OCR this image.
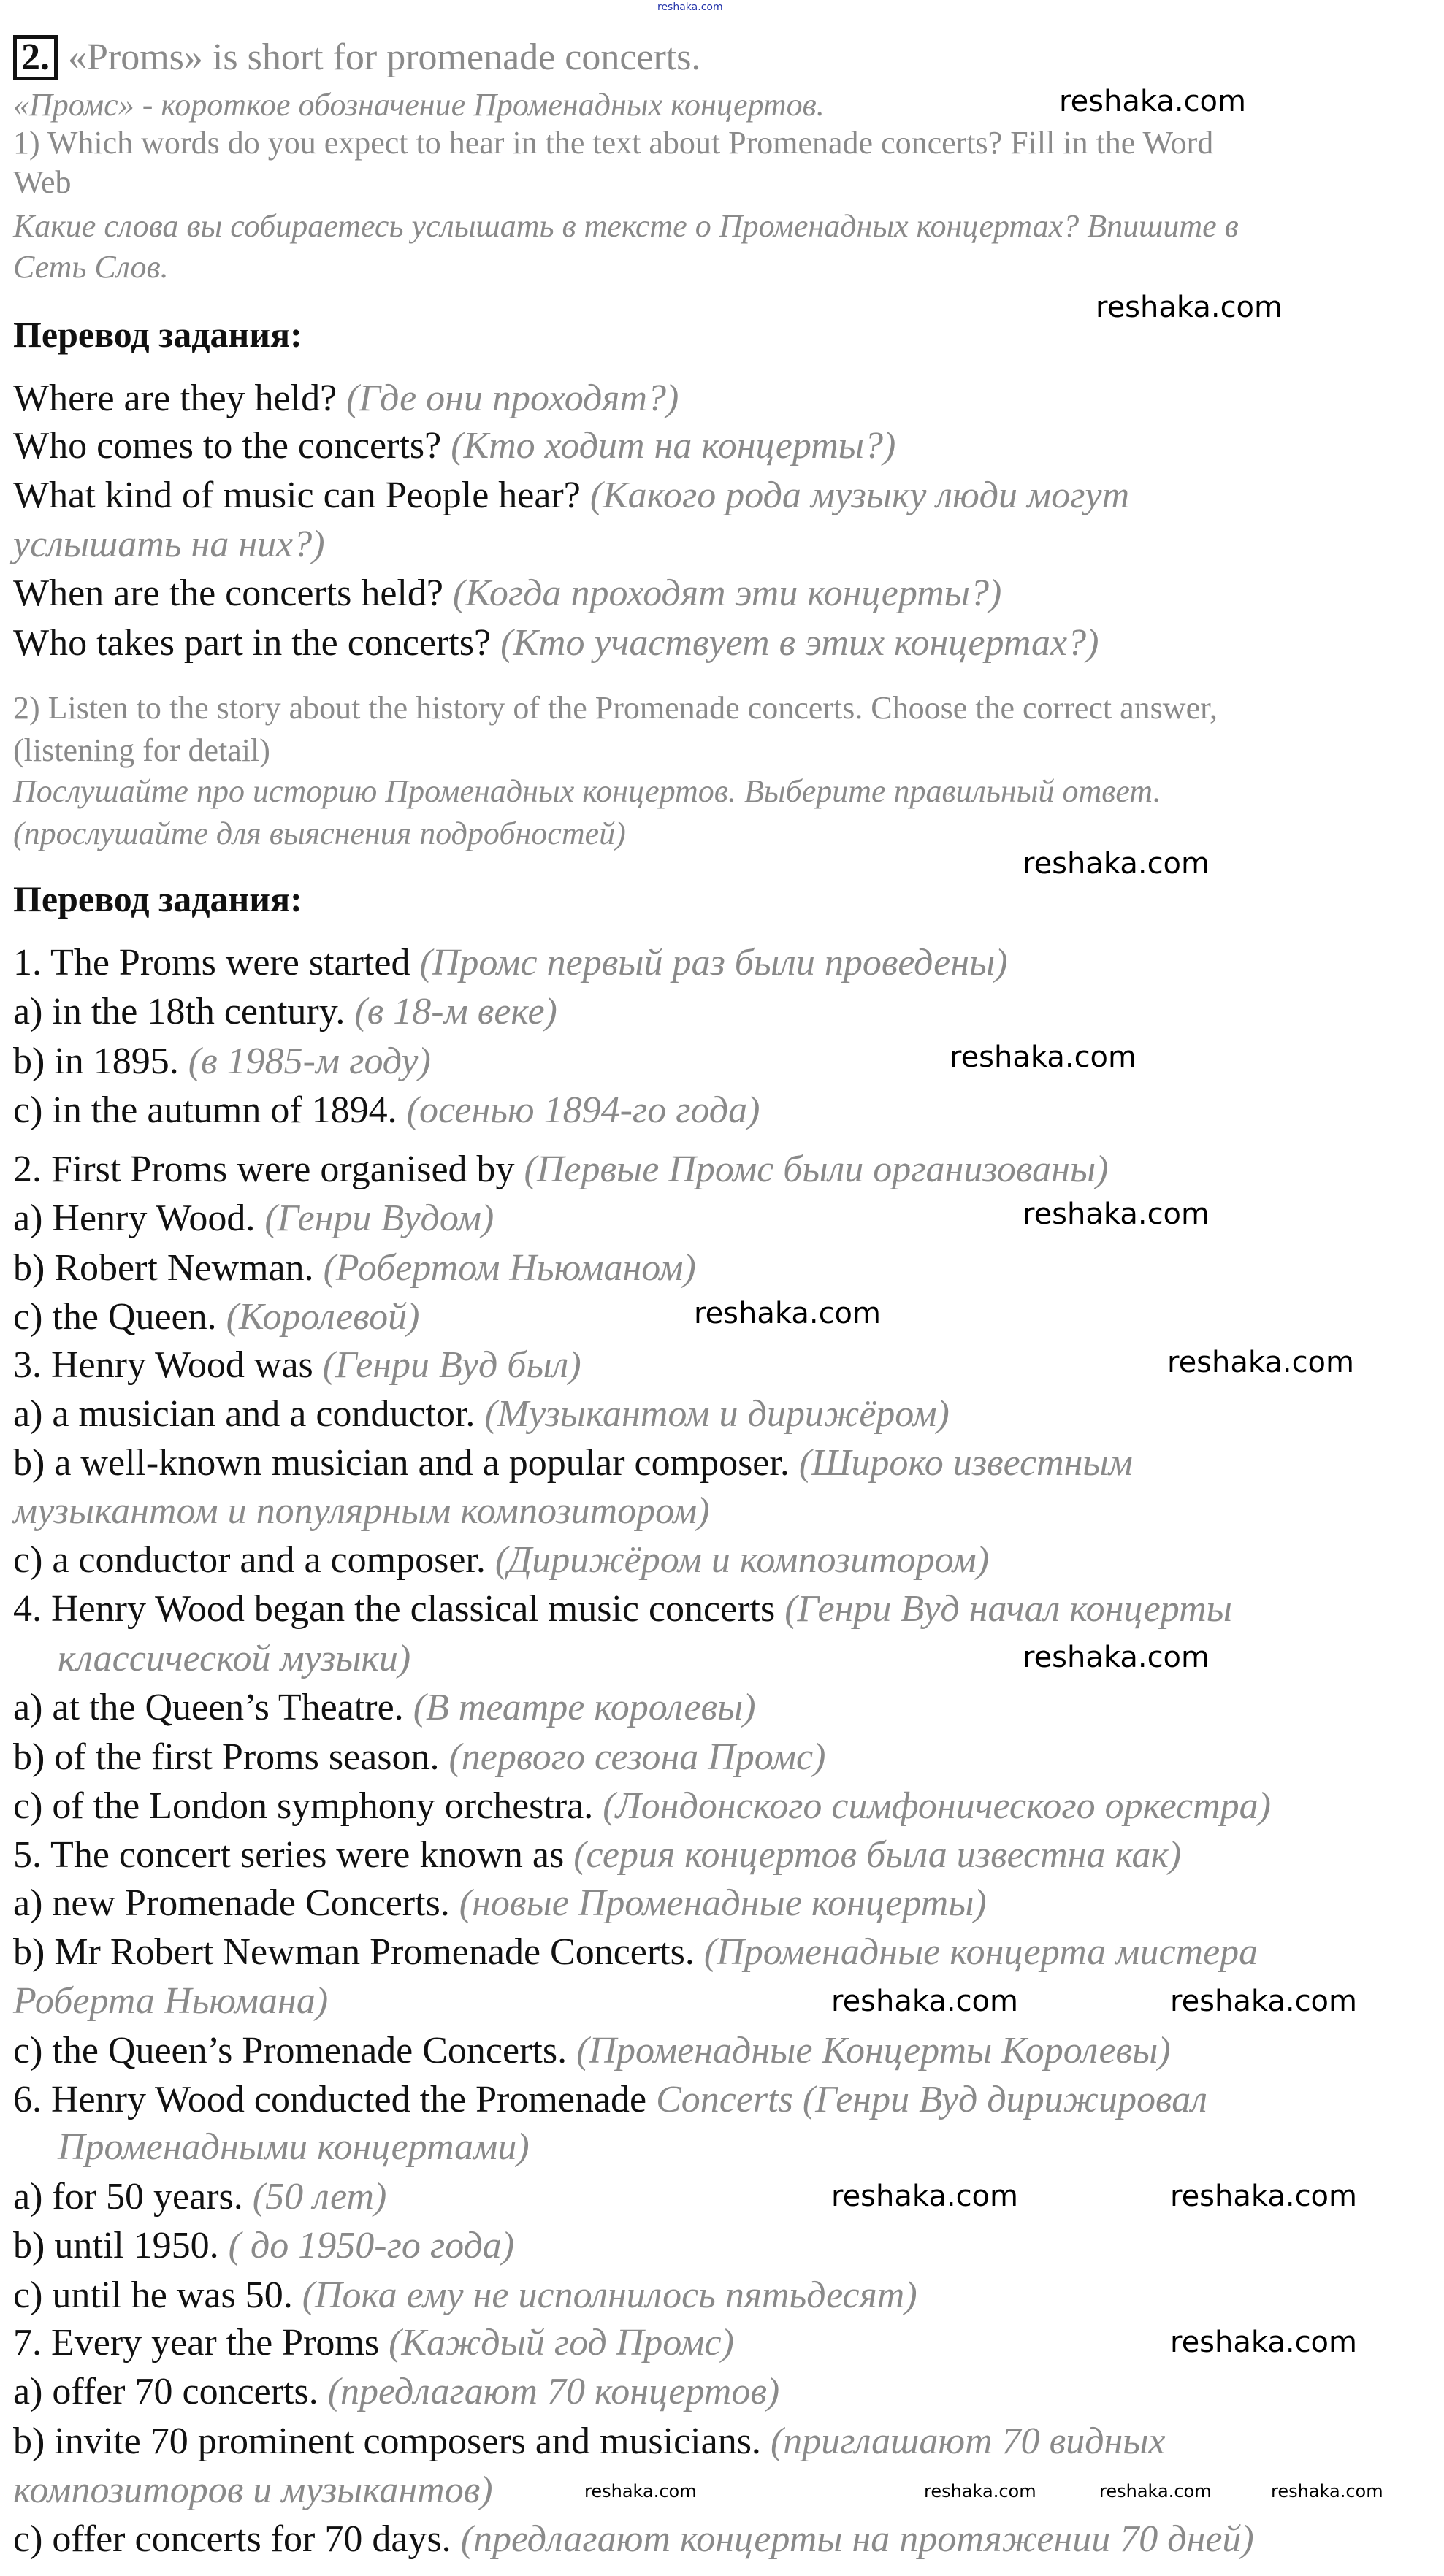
reshaka.com
2. «Proms» is short for promenade concerts.
«Промс» - короткое обозначение Променадных концертов.
1) Which words do you expect to hear in the text about Promenade concerts? Fill in the Word
Web
Какие слова вы собираетесь услышать в тексте о Променадных концертах? Впишите в
Сеть Слов.
Перевод задания:
Where are they held? (Где они проходят?)
Who comes to the concerts? (Кто ходит на концерты?)
What kind of music can People hear? (Какого рода музыку люди могут
услышать на них?)
When are the concerts held? (Когда проходят эти концерты?)
Who takes part in the concerts? (Кто участвует в этих концертах?)
2) Listen to the story about the history of the Promenade concerts. Choose the correct answer,
(listening for detail)
Послушайте про историю Променадных концертов. Выберите правильный ответ.
(прослушайте для выяснения подробностей)
Перевод задания:
1. The Proms were started (Промс первый раз были проведены)
a) in the 18th century. (в 18-м веке)
b) in 1895. (в 1985-м году)
c) in the autumn of 1894. (осенью 1894-го года)
2. First Proms were organised by (Первые Промс были организованы)
a) Henry Wood. (Генри Вудом)
b) Robert Newman. (Робертом Ньюманом)
c) the Queen. (Королевой)
3. Henry Wood was (Генри Вуд был)
a) a musician and a conductor. (Музыкантом и дирижёром)
b) a well-known musician and a popular composer. (Широко известным
музыкантом и популярным композитором)
c) a conductor and a composer. (Дирижёром и композитором)
4. Henry Wood began the classical music concerts (Генри Вуд начал концерты
классической музыки)
a) at the Queen’s Theatre. (В театре королевы)
b) of the first Proms season. (первого сезона Промс)
c) of the London symphony orchestra. (Лондонского симфонического оркестра)
5. The concert series were known as (серия концертов была известна как)
a) new Promenade Concerts. (новые Променадные концерты)
b) Mr Robert Newman Promenade Concerts. (Променадные концерта мистера
Роберта Ньюмана)
c) the Queen’s Promenade Concerts. (Променадные Концерты Королевы)
6. Henry Wood conducted the Promenade Concerts (Генри Вуд дирижировал
Променадными концертами)
a) for 50 years. (50 лет)
b) until 1950. ( до 1950-го года)
c) until he was 50. (Пока ему не исполнилось пятьдесят)
7. Every year the Proms (Каждый год Промс)
a) offer 70 concerts. (предлагают 70 концертов)
b) invite 70 prominent composers and musicians. (приглашают 70 видных
композиторов и музыкантов)
c) offer concerts for 70 days. (предлагают концерты на протяжении 70 дней)
reshaka.com
reshaka.com
reshaka.com
reshaka.com
reshaka.com
reshaka.com
reshaka.com
reshaka.com
reshaka.com	reshaka.com
reshaka.com	reshaka.com
reshaka.com
reshaka.com	reshaka.com	reshaka.com	reshaka.com
